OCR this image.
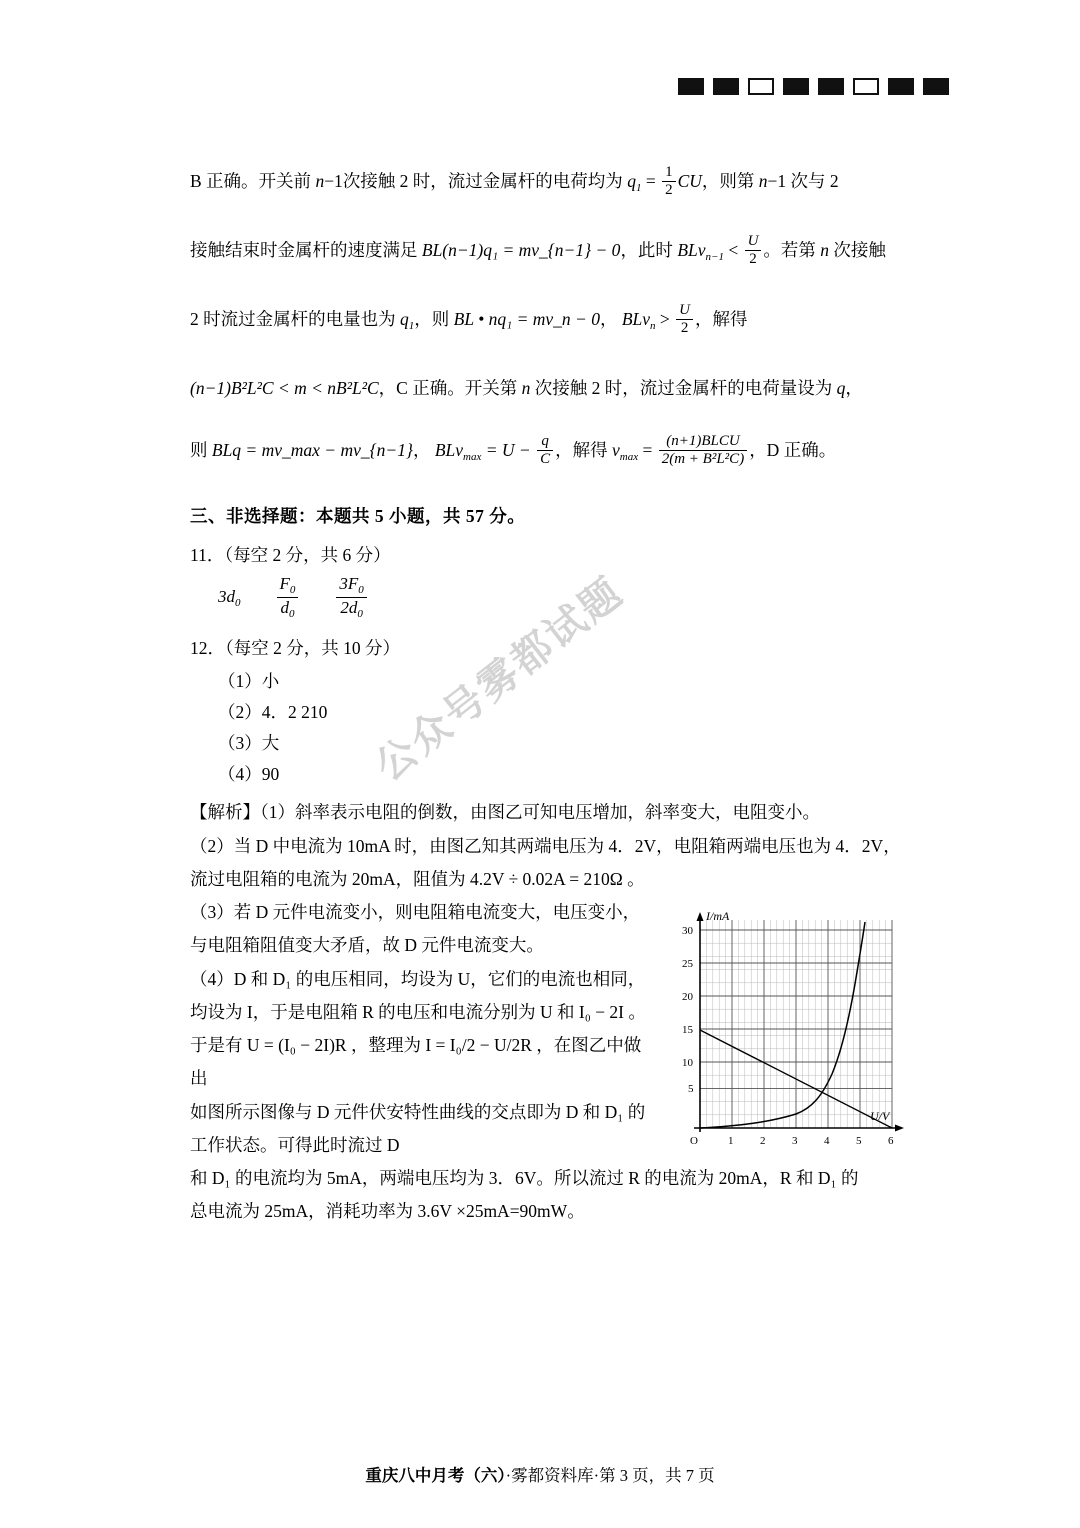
B 正确。开关前 n−1次接触 2 时，流过金属杆的电荷均为 $q_1 = \frac{1}{2}$ CU，则第 n−1 次与 2
接触结束时金属杆的速度满足 BL(n−1)q₁ = mv_{n−1} − 0，此时 $BLv_{n-1} < \frac{U}{2}$ 。若第 n 次接触
2 时流过金属杆的电量也为 $q_1$，则 BL • nq₁ = mv_n − 0， $BLv_n > \frac{U}{2}$ ，解得
(n−1)B²L²C < m < nB²L²C，C 正确。开关第 n 次接触 2 时，流过金属杆的电荷量设为 q，
则 BLq = mv_max − mv_{n−1}， $BLv_{max} = U - \frac{q}{C}$ ，解得 $v_{max} = \frac{\text{(n+1)BLCU}}{\text{2(m + B²L²C)}}$ ，D 正确。
三、非选择题：本题共 5 小题，共 57 分。
11．（每空 2 分，共 6 分）
$3d_0 \frac{F_0}{d_0} \frac{3F_0}{2d_0}$
12．（每空 2 分，共 10 分）
（1）小
（2）4．2 210
（3）大
（4）90

【解析】（1）斜率表示电阻的倒数，由图乙可知电压增加，斜率变大，电阻变小。

（2）当 D 中电流为 10mA 时，由图乙知其两端电压为 4．2V，电阻箱两端电压也为 4．2V，

流过电阻箱的电流为 20mA，阻值为 4.2V ÷ 0.02A = 210Ω 。

30
25
20
15
10
5
O	1 2 3 4 5 6
I/mA
U/V

（3）若 D 元件电流变小，则电阻箱电流变大，电压变小，

与电阻箱阻值变大矛盾，故 D 元件电流变大。

（4）D 和 D₁ 的电压相同，均设为 U，它们的电流也相同，

均设为 I，于是电阻箱 R 的电压和电流分别为 U 和 I₀ − 2I 。

于是有 U = (I₀ − 2I)R ，整理为 I = I₀/2 − U/2R ，在图乙中做出

如图所示图像与 D 元件伏安特性曲线的交点即为 D 和 D₁ 的工作状态。可得此时流过 D

和 D₁ 的电流均为 5mA，两端电压均为 3．6V。所以流过 R 的电流为 20mA，R 和 D₁ 的

总电流为 25mA，消耗功率为 3.6V ×25mA=90mW。

公众号雾都试题
重庆八中月考（六）·雾都资料库·第 3 页，共 7 页
